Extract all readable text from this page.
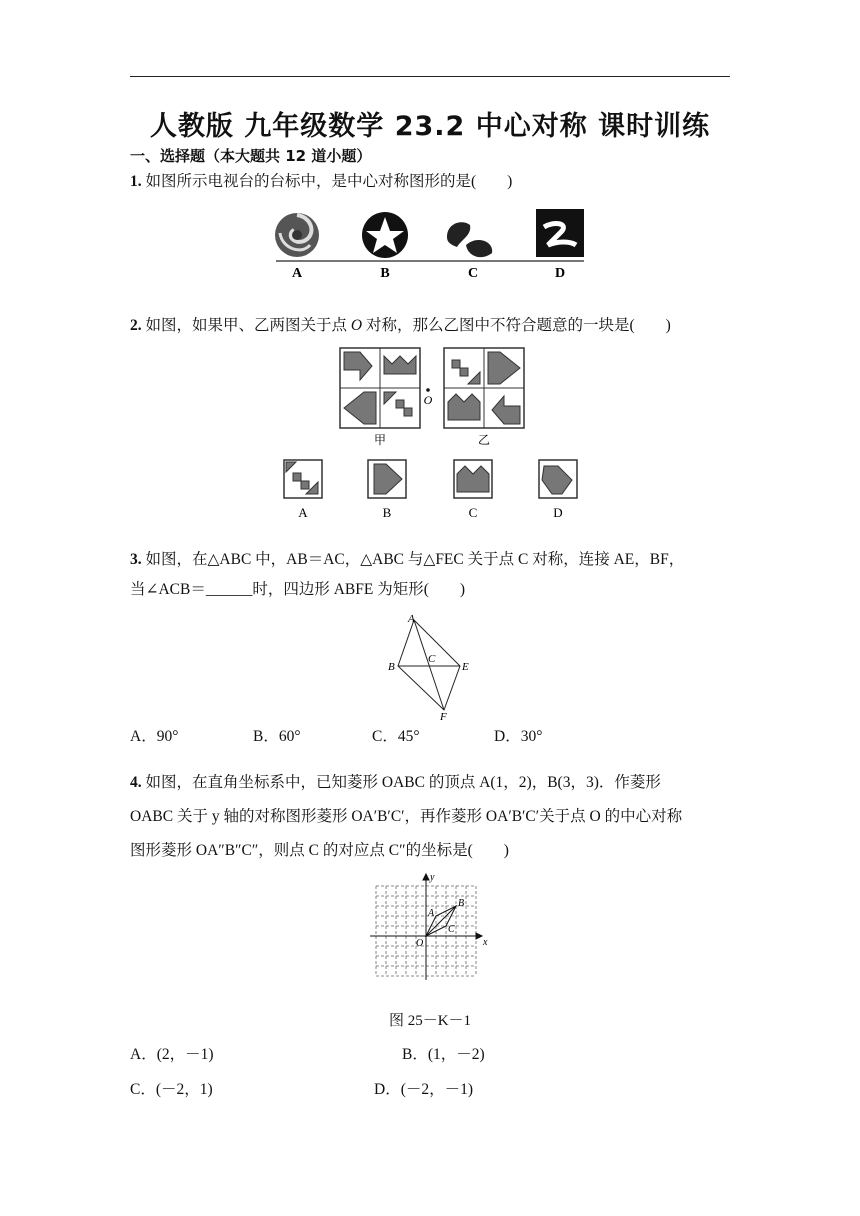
人教版 九年级数学 23.2 中心对称 课时训练
一、选择题（本大题共 12 道小题）
1. 如图所示电视台的台标中，是中心对称图形的是(　　)
A	B	C	D
2. 如图，如果甲、乙两图关于点 O 对称，那么乙图中不符合题意的一块是(　　)
O
甲	乙
A	B	C	D
3. 如图，在△ABC 中，AB＝AC，△ABC 与△FEC 关于点 C 对称，连接 AE，BF，
当∠ACB＝______时，四边形 ABFE 为矩形(　　)
A
B
C
E
F
A．90°	B．60°	C．45°	D．30°
4. 如图，在直角坐标系中，已知菱形 OABC 的顶点 A(1，2)，B(3，3)．作菱形
OABC 关于 y 轴的对称图形菱形 OA′B′C′，再作菱形 OA′B′C′关于点 O 的中心对称
图形菱形 OA″B″C″，则点 C 的对应点 C″的坐标是(　　)
x
y
O
A
B
C
图 25－K－1
A．(2，－1)	B．(1，－2)
C．(－2，1)	D．(－2，－1)
